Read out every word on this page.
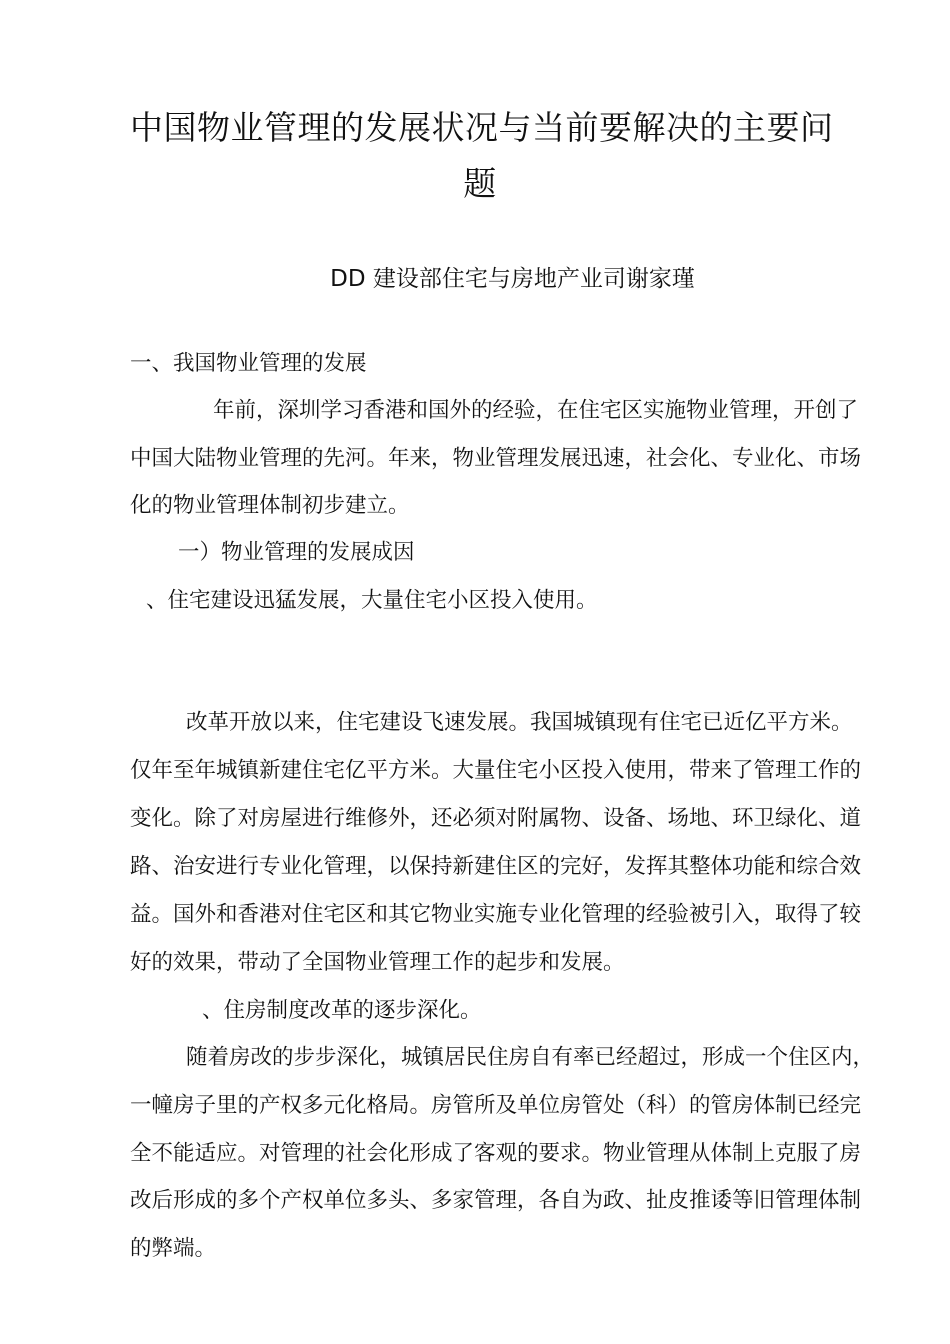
中国物业管理的发展状况与当前要解决的主要问
题
DD 建设部住宅与房地产业司谢家瑾
一、我国物业管理的发展
年前，深圳学习香港和国外的经验，在住宅区实施物业管理，开创了
中国大陆物业管理的先河。年来，物业管理发展迅速，社会化、专业化、市场
化的物业管理体制初步建立。
一）物业管理的发展成因
、住宅建设迅猛发展，大量住宅小区投入使用。
改革开放以来，住宅建设飞速发展。我国城镇现有住宅已近亿平方米。
仅年至年城镇新建住宅亿平方米。大量住宅小区投入使用，带来了管理工作的
变化。除了对房屋进行维修外，还必须对附属物、设备、场地、环卫绿化、道
路、治安进行专业化管理，以保持新建住区的完好，发挥其整体功能和综合效
益。国外和香港对住宅区和其它物业实施专业化管理的经验被引入，取得了较
好的效果，带动了全国物业管理工作的起步和发展。
、住房制度改革的逐步深化。
随着房改的步步深化，城镇居民住房自有率已经超过，形成一个住区内，
一幢房子里的产权多元化格局。房管所及单位房管处（科）的管房体制已经完
全不能适应。对管理的社会化形成了客观的要求。物业管理从体制上克服了房
改后形成的多个产权单位多头、多家管理，各自为政、扯皮推诿等旧管理体制
的弊端。
